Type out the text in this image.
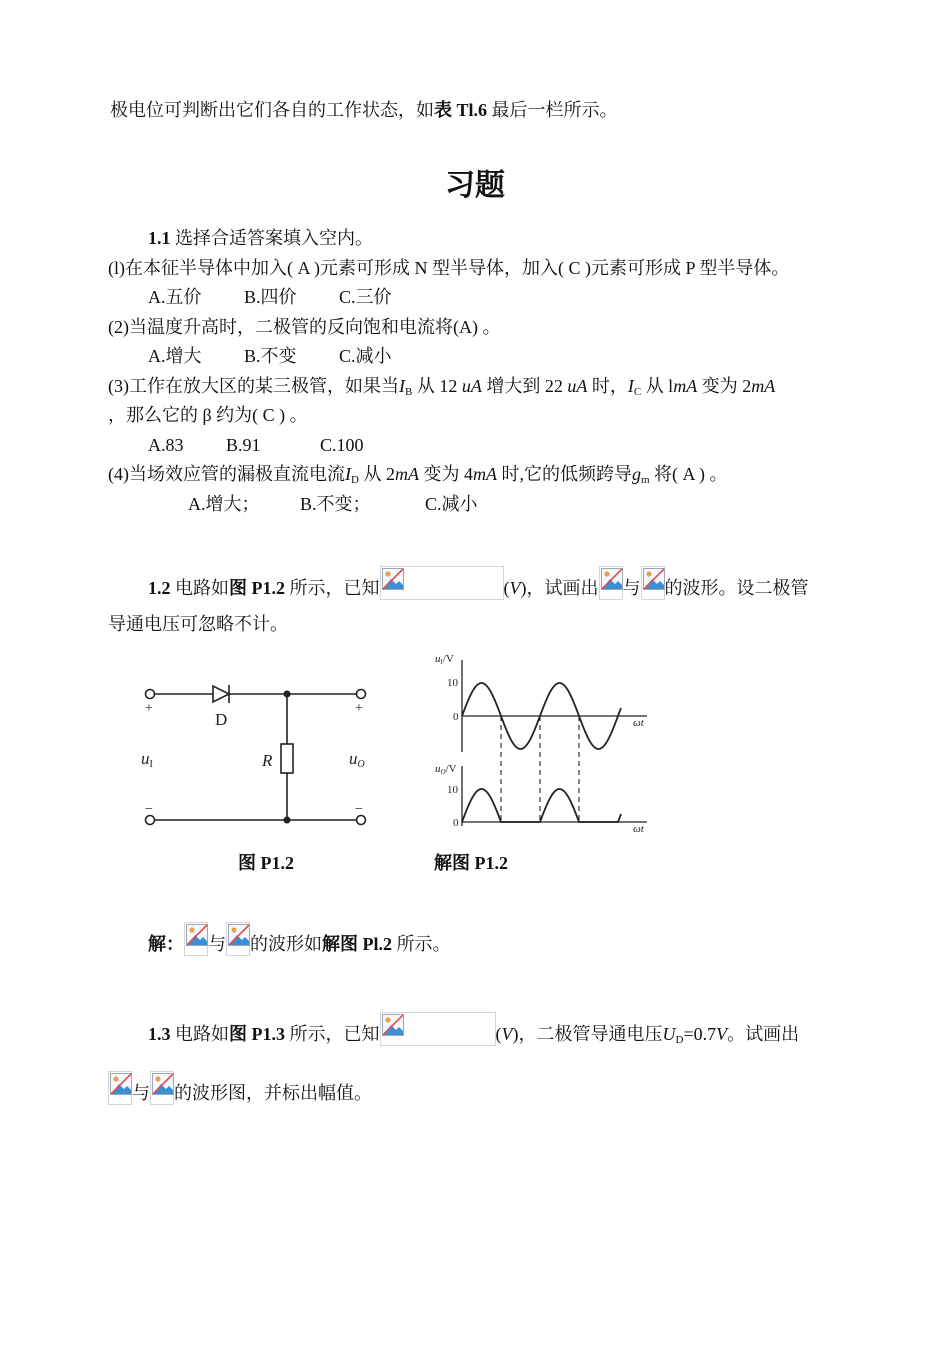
极电位可判断出它们各自的工作状态，如表 Tl.6 最后一栏所示。
习题
1.1 选择合适答案填入空内。
(l)在本征半导体中加入( A )元素可形成 N 型半导体，加入( C )元素可形成 P 型半导体。
A.五价 B.四价 C.三价
(2)当温度升高时，二极管的反向饱和电流将(A) 。
A.增大 B.不变 C.减小
(3)工作在放大区的某三极管，如果当$I_B$ 从 12 uA 增大到 22 uA 时，$I_C$ 从 lmA 变为 2mA
，那么它的 β 约为( C ) 。
A.83 B.91	C.100
(4)当场效应管的漏极直流电流$I_D$ 从 2mA 变为 4mA 时,它的低频跨导$g_m$ 将( A ) 。
A.增大； B.不变；	C.减小
1.2 电路如图 P1.2 所示，已知	(V)，试画出 与 的波形。设二极管
导通电压可忽略不计。
D
R
+	+
−	−
uI	uO
uI/V
10
0	ωt
uO/V
10
0	ωt
图 P1.2	解图 P1.2
解： 与 的波形如解图 Pl.2 所示。
1.3 电路如图 P1.3 所示，已知	(V)，二极管导通电压$U_D=0.7V$。试画出
与 的波形图，并标出幅值。
